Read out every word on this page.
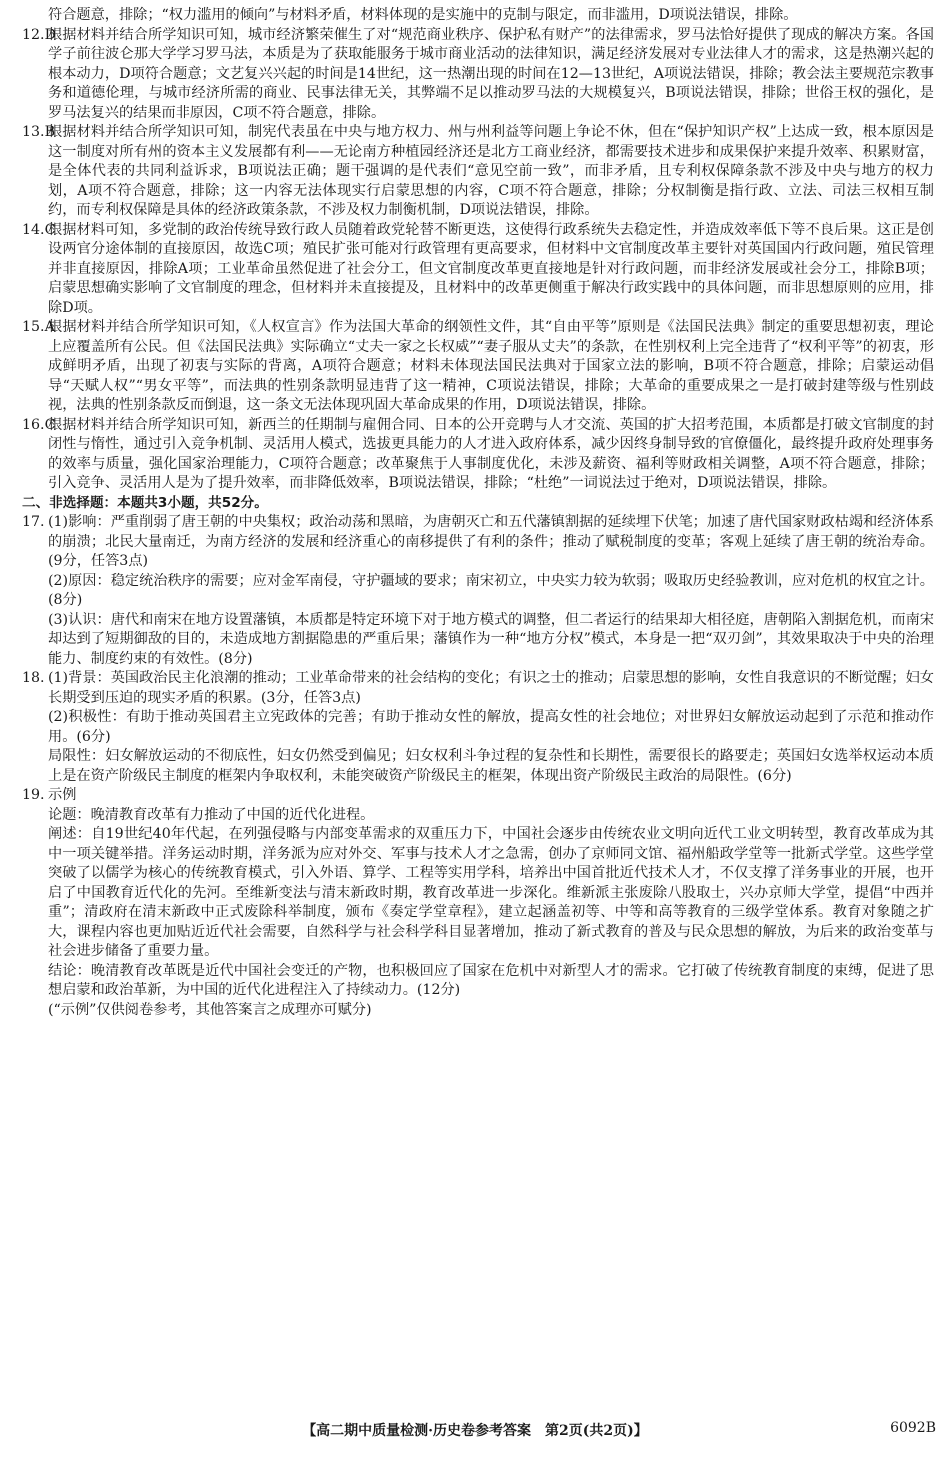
符合题意，排除；“权力滥用的倾向”与材料矛盾，材料体现的是实施中的克制与限定，而非滥用，D项说法错误，排除。

12.D
根据材料并结合所学知识可知，城市经济繁荣催生了对“规范商业秩序、保护私有财产”的法律需求，罗马法恰好提供了现成的解决方案。各国学子前往波仑那大学学习罗马法，本质是为了获取能服务于城市商业活动的法律知识，满足经济发展对专业法律人才的需求，这是热潮兴起的根本动力，D项符合题意；文艺复兴兴起的时间是14世纪，这一热潮出现的时间在12—13世纪，A项说法错误，排除；教会法主要规范宗教事务和道德伦理，与城市经济所需的商业、民事法律无关，其弊端不足以推动罗马法的大规模复兴，B项说法错误，排除；世俗王权的强化，是罗马法复兴的结果而非原因，C项不符合题意，排除。
13.B
根据材料并结合所学知识可知，制宪代表虽在中央与地方权力、州与州利益等问题上争论不休，但在“保护知识产权”上达成一致，根本原因是这一制度对所有州的资本主义发展都有利——无论南方种植园经济还是北方工商业经济，都需要技术进步和成果保护来提升效率、积累财富，是全体代表的共同利益诉求，B项说法正确；题干强调的是代表们“意见空前一致”，而非矛盾，且专利权保障条款不涉及中央与地方的权力划，A项不符合题意，排除；这一内容无法体现实行启蒙思想的内容，C项不符合题意，排除；分权制衡是指行政、立法、司法三权相互制约，而专利权保障是具体的经济政策条款，不涉及权力制衡机制，D项说法错误，排除。
14.C
根据材料可知，多党制的政治传统导致行政人员随着政党轮替不断更迭，这使得行政系统失去稳定性，并造成效率低下等不良后果。这正是创设两官分途体制的直接原因，故选C项；殖民扩张可能对行政管理有更高要求，但材料中文官制度改革主要针对英国国内行政问题，殖民管理并非直接原因，排除A项；工业革命虽然促进了社会分工，但文官制度改革更直接地是针对行政问题，而非经济发展或社会分工，排除B项；启蒙思想确实影响了文官制度的理念，但材料并未直接提及，且材料中的改革更侧重于解决行政实践中的具体问题，而非思想原则的应用，排除D项。
15.A
根据材料并结合所学知识可知，《人权宣言》作为法国大革命的纲领性文件，其“自由平等”原则是《法国民法典》制定的重要思想初衷，理论上应覆盖所有公民。但《法国民法典》实际确立“丈夫一家之长权威”“妻子服从丈夫”的条款，在性别权利上完全违背了“权利平等”的初衷，形成鲜明矛盾，出现了初衷与实际的背离，A项符合题意；材料未体现法国民法典对于国家立法的影响，B项不符合题意，排除；启蒙运动倡导“天赋人权”“男女平等”，而法典的性别条款明显违背了这一精神，C项说法错误，排除；大革命的重要成果之一是打破封建等级与性别歧视，法典的性别条款反而倒退，这一条文无法体现巩固大革命成果的作用，D项说法错误，排除。
16.C
根据材料并结合所学知识可知，新西兰的任期制与雇佣合同、日本的公开竞聘与人才交流、英国的扩大招考范围，本质都是打破文官制度的封闭性与惰性，通过引入竞争机制、灵活用人模式，选拔更具能力的人才进入政府体系，减少因终身制导致的官僚僵化，最终提升政府处理事务的效率与质量，强化国家治理能力，C项符合题意；改革聚焦于人事制度优化，未涉及薪资、福利等财政相关调整，A项不符合题意，排除；引入竞争、灵活用人是为了提升效率，而非降低效率，B项说法错误，排除；“杜绝”一词说法过于绝对，D项说法错误，排除。

二、非选择题：本题共3小题，共52分。

17. (1)影响：严重削弱了唐王朝的中央集权；政治动荡和黑暗，为唐朝灭亡和五代藩镇割据的延续埋下伏笔；加速了唐代国家财政枯竭和经济体系的崩溃；北民大量南迁，为南方经济的发展和经济重心的南移提供了有利的条件；推动了赋税制度的变革；客观上延续了唐王朝的统治寿命。(9分，任答3点)
(2)原因：稳定统治秩序的需要；应对金军南侵，守护疆域的要求；南宋初立，中央实力较为软弱；吸取历史经验教训，应对危机的权宜之计。(8分)
(3)认识：唐代和南宋在地方设置藩镇，本质都是特定环境下对于地方模式的调整，但二者运行的结果却大相径庭，唐朝陷入割据危机，而南宋却达到了短期御敌的目的，未造成地方割据隐患的严重后果；藩镇作为一种“地方分权”模式，本身是一把“双刃剑”，其效果取决于中央的治理能力、制度约束的有效性。(8分)
18. (1)背景：英国政治民主化浪潮的推动；工业革命带来的社会结构的变化；有识之士的推动；启蒙思想的影响，女性自我意识的不断觉醒；妇女长期受到压迫的现实矛盾的积累。(3分，任答3点)
(2)积极性：有助于推动英国君主立宪政体的完善；有助于推动女性的解放，提高女性的社会地位；对世界妇女解放运动起到了示范和推动作用。(6分)
局限性：妇女解放运动的不彻底性，妇女仍然受到偏见；妇女权利斗争过程的复杂性和长期性，需要很长的路要走；英国妇女选举权运动本质上是在资产阶级民主制度的框架内争取权利，未能突破资产阶级民主的框架，体现出资产阶级民主政治的局限性。(6分)
19. 示例
论题：晚清教育改革有力推动了中国的近代化进程。
阐述：自19世纪40年代起，在列强侵略与内部变革需求的双重压力下，中国社会逐步由传统农业文明向近代工业文明转型，教育改革成为其中一项关键举措。洋务运动时期，洋务派为应对外交、军事与技术人才之急需，创办了京师同文馆、福州船政学堂等一批新式学堂。这些学堂突破了以儒学为核心的传统教育模式，引入外语、算学、工程等实用学科，培养出中国首批近代技术人才，不仅支撑了洋务事业的开展，也开启了中国教育近代化的先河。至维新变法与清末新政时期，教育改革进一步深化。维新派主张废除八股取士，兴办京师大学堂，提倡“中西并重”；清政府在清末新政中正式废除科举制度，颁布《奏定学堂章程》，建立起涵盖初等、中等和高等教育的三级学堂体系。教育对象随之扩大，课程内容也更加贴近近代社会需要，自然科学与社会科学科目显著增加，推动了新式教育的普及与民众思想的解放，为后来的政治变革与社会进步储备了重要力量。
结论：晚清教育改革既是近代中国社会变迁的产物，也积极回应了国家在危机中对新型人才的需求。它打破了传统教育制度的束缚，促进了思想启蒙和政治革新，为中国的近代化进程注入了持续动力。(12分)
(“示例”仅供阅卷参考，其他答案言之成理亦可赋分)
【高二期中质量检测·历史卷参考答案　第2页(共2页)】	6092B
